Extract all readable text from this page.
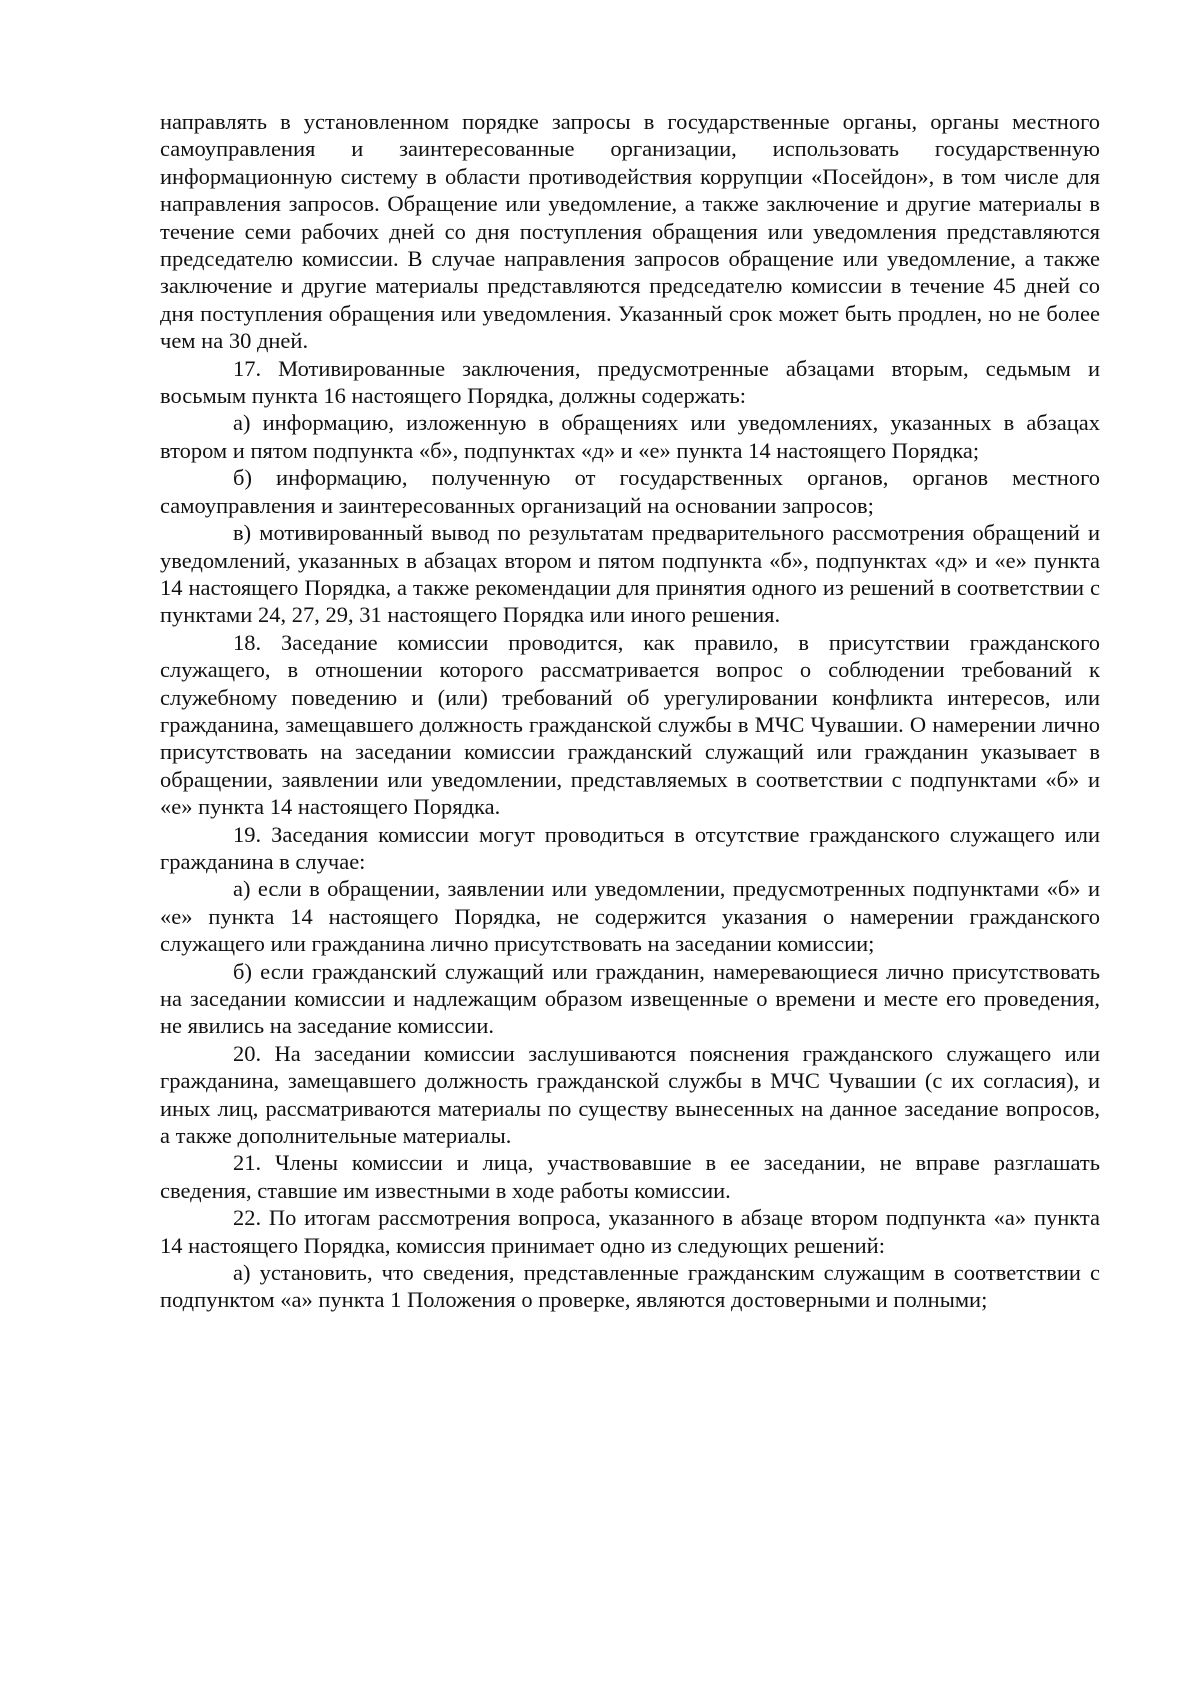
направлять в установленном порядке запросы в государственные органы, органы местного самоуправления и заинтересованные организации, использовать государственную информационную систему в области противодействия коррупции «Посейдон», в том числе для направления запросов. Обращение или уведомление, а также заключение и другие материалы в течение семи рабочих дней со дня поступления обращения или уведомления представляются председателю комиссии. В случае направления запросов обращение или уведомление, а также заключение и другие материалы представляются председателю комиссии в течение 45 дней со дня поступления обращения или уведомления. Указанный срок может быть продлен, но не более чем на 30 дней.

17. Мотивированные заключения, предусмотренные абзацами вторым, седьмым и восьмым пункта 16 настоящего Порядка, должны содержать:

а) информацию, изложенную в обращениях или уведомлениях, указанных в абзацах втором и пятом подпункта «б», подпунктах «д» и «е» пункта 14 настоящего Порядка;

б) информацию, полученную от государственных органов, органов местного самоуправления и заинтересованных организаций на основании запросов;

в) мотивированный вывод по результатам предварительного рассмотрения обращений и уведомлений, указанных в абзацах втором и пятом подпункта «б», подпунктах «д» и «е» пункта 14 настоящего Порядка, а также рекомендации для принятия одного из решений в соответствии с пунктами 24, 27, 29, 31 настоящего Порядка или иного решения.

18. Заседание комиссии проводится, как правило, в присутствии гражданского служащего, в отношении которого рассматривается вопрос о соблюдении требований к служебному поведению и (или) требований об урегулировании конфликта интересов, или гражданина, замещавшего должность гражданской службы в МЧС Чувашии. О намерении лично присутствовать на заседании комиссии гражданский служащий или гражданин указывает в обращении, заявлении или уведомлении, представляемых в соответствии с подпунктами «б» и «е» пункта 14 настоящего Порядка.

19. Заседания комиссии могут проводиться в отсутствие гражданского служащего или гражданина в случае:

а) если в обращении, заявлении или уведомлении, предусмотренных подпунктами «б» и «е» пункта 14 настоящего Порядка, не содержится указания о намерении гражданского служащего или гражданина лично присутствовать на заседании комиссии;

б) если гражданский служащий или гражданин, намеревающиеся лично присутствовать на заседании комиссии и надлежащим образом извещенные о времени и месте его проведения, не явились на заседание комиссии.

20. На заседании комиссии заслушиваются пояснения гражданского служащего или гражданина, замещавшего должность гражданской службы в МЧС Чувашии (с их согласия), и иных лиц, рассматриваются материалы по существу вынесенных на данное заседание вопросов, а также дополнительные материалы.

21. Члены комиссии и лица, участвовавшие в ее заседании, не вправе разглашать сведения, ставшие им известными в ходе работы комиссии.

22. По итогам рассмотрения вопроса, указанного в абзаце втором подпункта «а» пункта 14 настоящего Порядка, комиссия принимает одно из следующих решений:

а) установить, что сведения, представленные гражданским служащим в соответствии с подпунктом «а» пункта 1 Положения о проверке, являются достоверными и полными;
